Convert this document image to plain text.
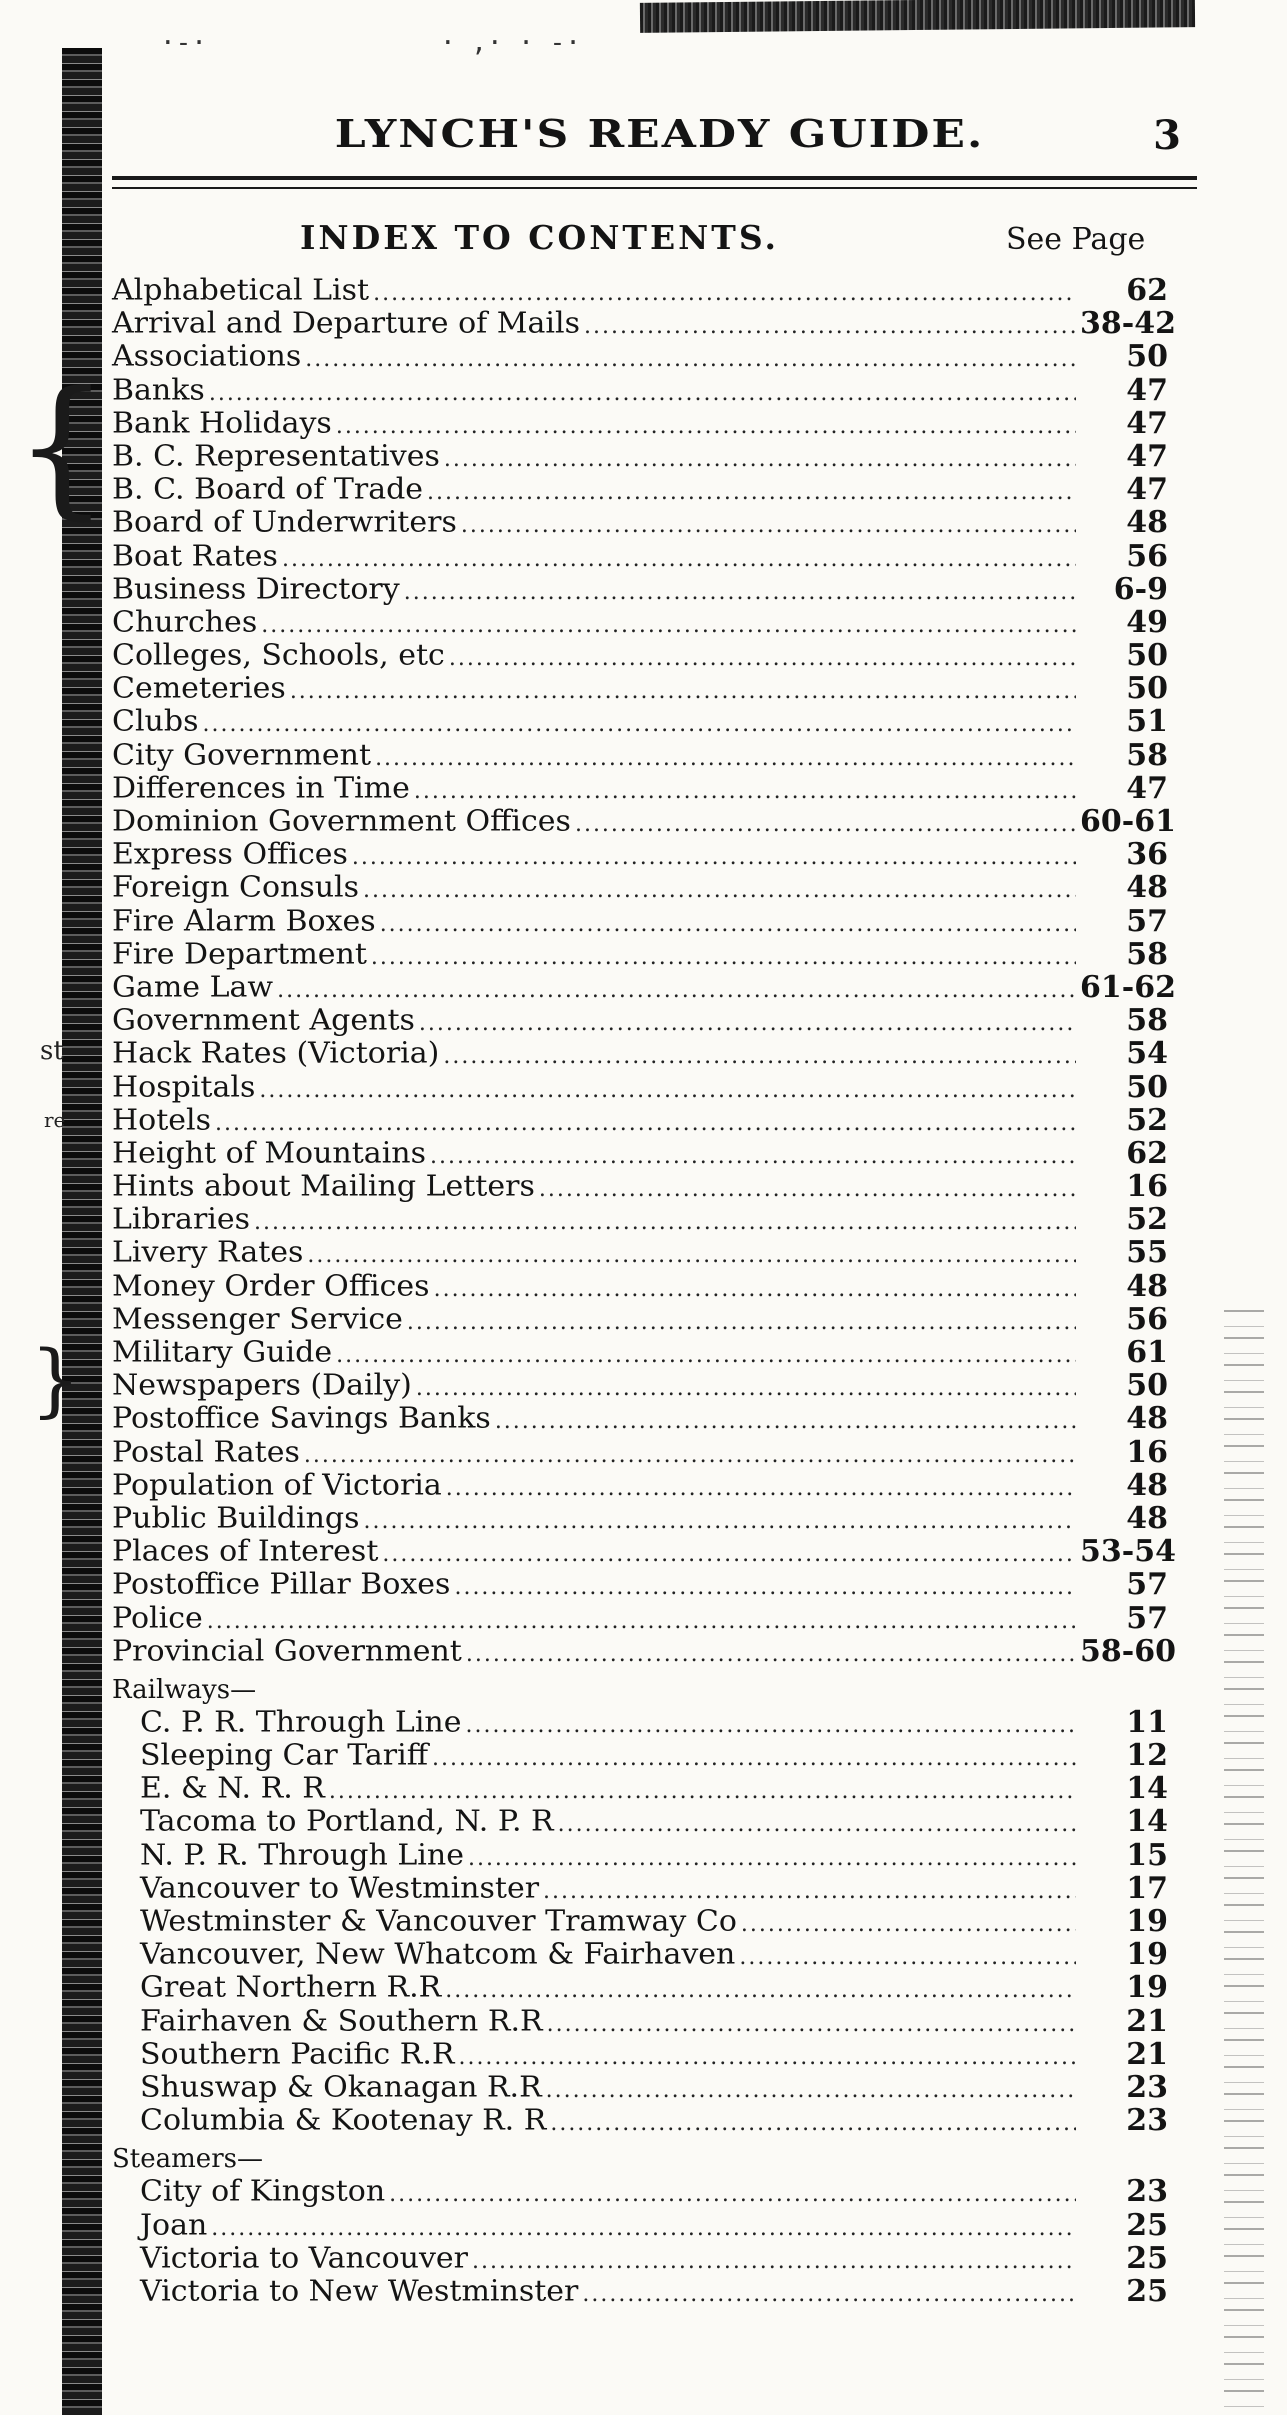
·-·	· ,· · -·
{
}
st
re
LYNCH'S READY GUIDE.	3
INDEX TO CONTENTS.	See Page
Alphabetical List .....	62
Arrival and Departure of Mails .....	38-42
Associations .....	50
Banks .....	47
Bank Holidays .....	47
B. C. Representatives .....	47
B. C. Board of Trade .....	47
Board of Underwriters .....	48
Boat Rates .....	56
Business Directory .....	6-9
Churches .....	49
Colleges, Schools, etc .....	50
Cemeteries .....	50
Clubs .....	51
City Government .....	58
Differences in Time .....	47
Dominion Government Offices .....	60-61
Express Offices .....	36
Foreign Consuls .....	48
Fire Alarm Boxes .....	57
Fire Department .....	58
Game Law .....	61-62
Government Agents .....	58
Hack Rates (Victoria) .....	54
Hospitals .....	50
Hotels .....	52
Height of Mountains .....	62
Hints about Mailing Letters .....	16
Libraries .....	52
Livery Rates .....	55
Money Order Offices .....	48
Messenger Service .....	56
Military Guide .....	61
Newspapers (Daily) .....	50
Postoffice Savings Banks .....	48
Postal Rates .....	16
Population of Victoria .....	48
Public Buildings .....	48
Places of Interest .....	53-54
Postoffice Pillar Boxes .....	57
Police .....	57
Provincial Government .....	58-60
Railways—
C. P. R. Through Line .....	11
Sleeping Car Tariff .....	12
E. & N. R. R .....	14
Tacoma to Portland, N. P. R .....	14
N. P. R. Through Line .....	15
Vancouver to Westminster .....	17
Westminster & Vancouver Tramway Co .....	19
Vancouver, New Whatcom & Fairhaven .....	19
Great Northern R.R .....	19
Fairhaven & Southern R.R .....	21
Southern Pacific R.R .....	21
Shuswap & Okanagan R.R .....	23
Columbia & Kootenay R. R .....	23
Steamers—
City of Kingston .....	23
Joan .....	25
Victoria to Vancouver .....	25
Victoria to New Westminster .....	25
